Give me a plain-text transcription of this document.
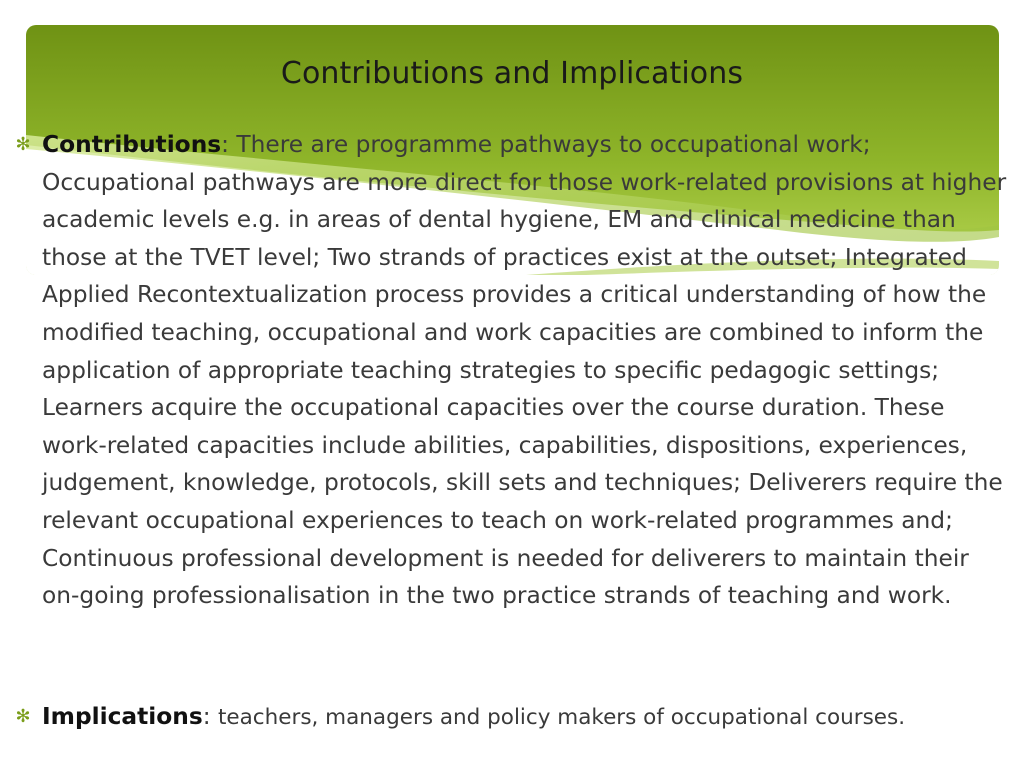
Contributions and Implications
✻ Contributions: There are programme pathways to occupational work; Occupational pathways are more direct for those work-related provisions at higher academic levels e.g. in areas of dental hygiene, EM and clinical medicine than those at the TVET level; Two strands of practices exist at the outset; Integrated Applied Recontextualization process provides a critical understanding of how the modified teaching, occupational and work capacities are combined to inform the application of appropriate teaching strategies to specific pedagogic settings; Learners acquire the occupational capacities over the course duration. These work-related capacities include abilities, capabilities, dispositions, experiences, judgement, knowledge, protocols, skill sets and techniques; Deliverers require the relevant occupational experiences to teach on work-related programmes and; Continuous professional development is needed for deliverers to maintain their on-going professionalisation in the two practice strands of teaching and work.
✻ Implications: teachers, managers and policy makers of occupational courses.
